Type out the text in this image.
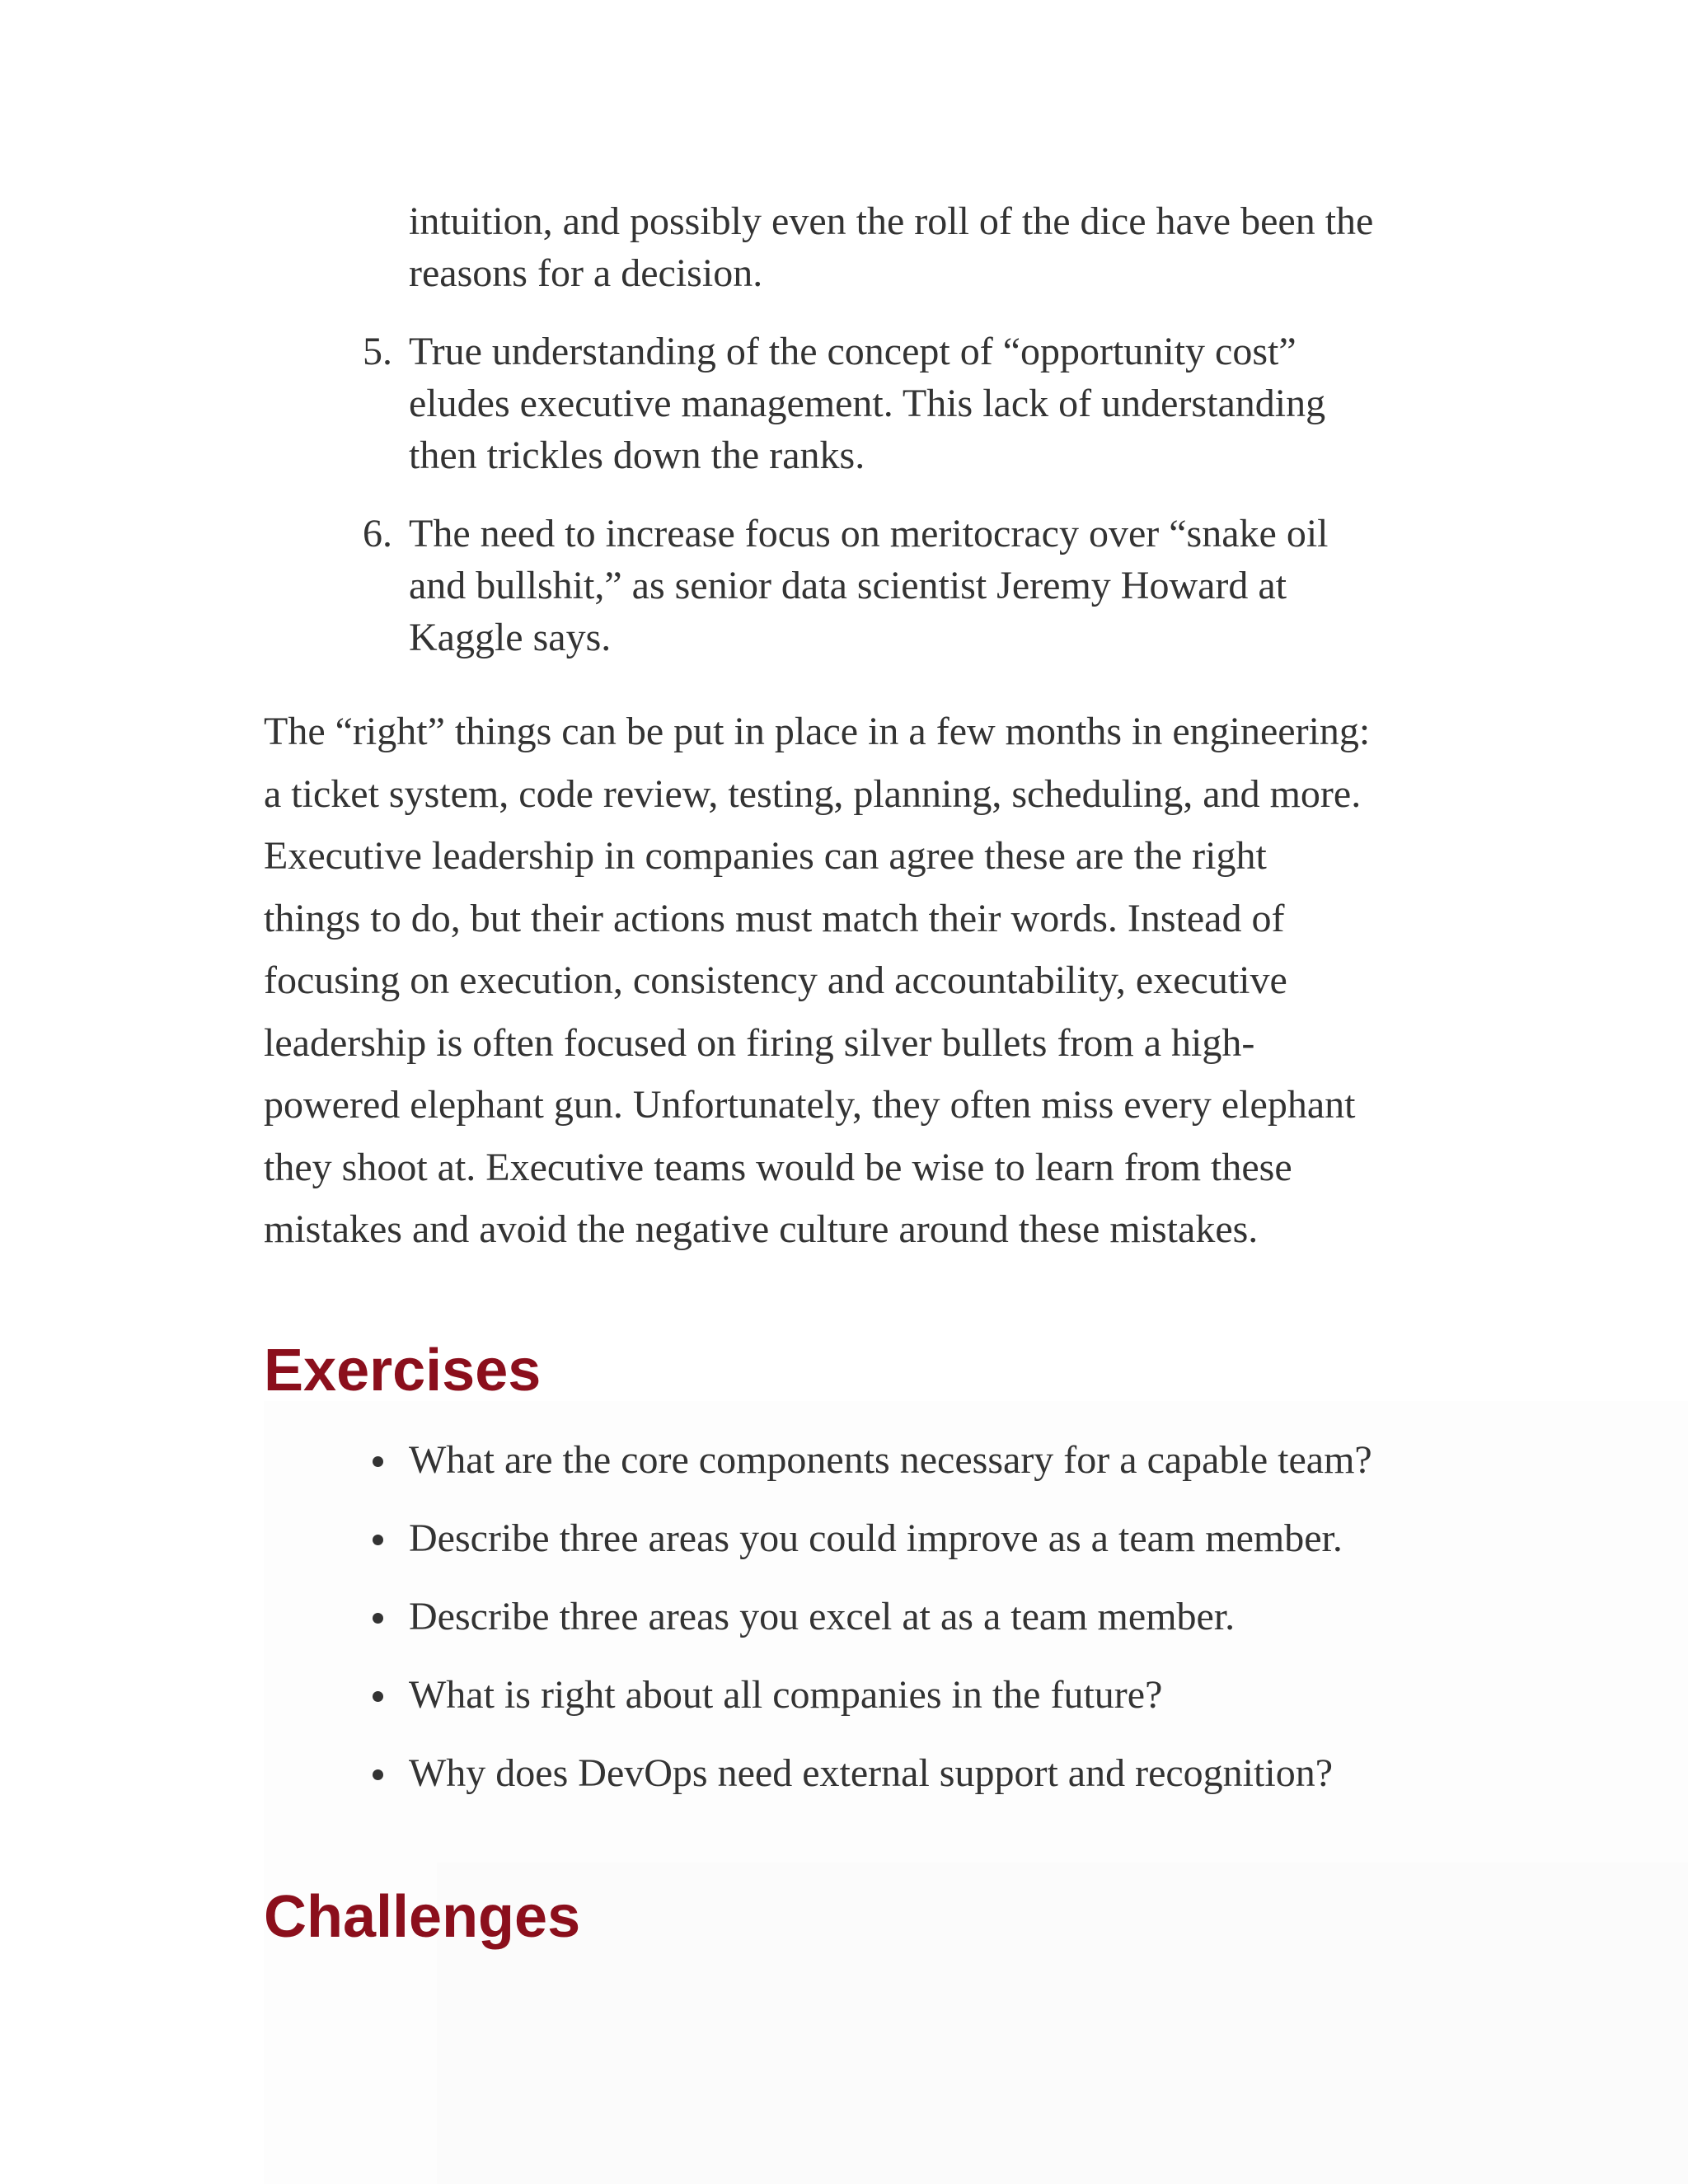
intuition, and possibly even the roll of the dice have been the
reasons for a decision.
5. True understanding of the concept of “opportunity cost”
eludes executive management. This lack of understanding
then trickles down the ranks.
6. The need to increase focus on meritocracy over “snake oil
and bullshit,” as senior data scientist Jeremy Howard at
Kaggle says.
The “right” things can be put in place in a few months in engineering:
a ticket system, code review, testing, planning, scheduling, and more.
Executive leadership in companies can agree these are the right
things to do, but their actions must match their words. Instead of
focusing on execution, consistency and accountability, executive
leadership is often focused on firing silver bullets from a high-
powered elephant gun. Unfortunately, they often miss every elephant
they shoot at. Executive teams would be wise to learn from these
mistakes and avoid the negative culture around these mistakes.
Exercises
What are the core components necessary for a capable team?
Describe three areas you could improve as a team member.
Describe three areas you excel at as a team member.
What is right about all companies in the future?
Why does DevOps need external support and recognition?
Challenges
